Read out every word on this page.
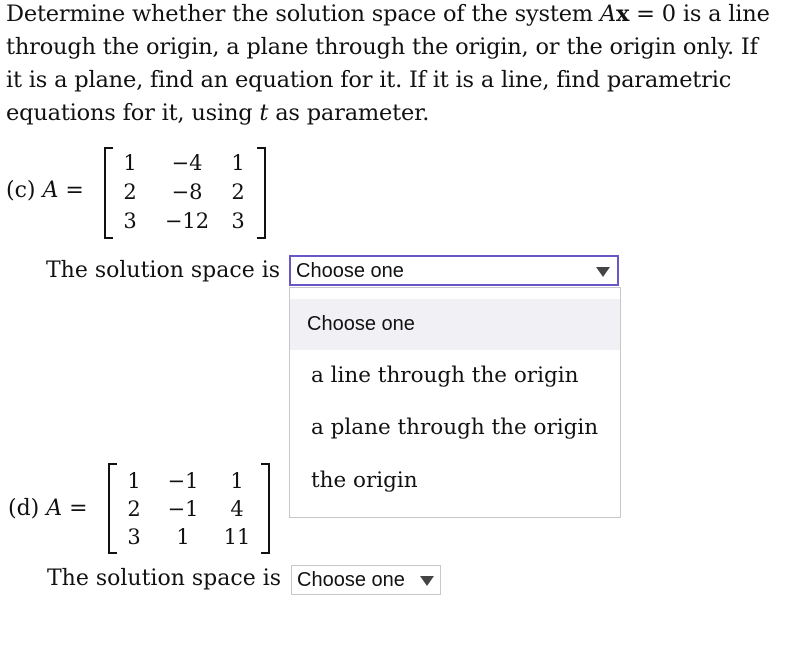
Determine whether the solution space of the system Ax = 0 is a line through the origin, a plane through the origin, or the origin only. If it is a plane, find an equation for it. If it is a line, find parametric equations for it, using t as parameter.
(c) A =
1	−4	1
2	−8	2
3	−12	3
The solution space is Choose one
Choose one
a line through the origin
a plane through the origin
the origin
(d) A =
1	−1	1
2	−1	4
3	1	11
The solution space is Choose one
